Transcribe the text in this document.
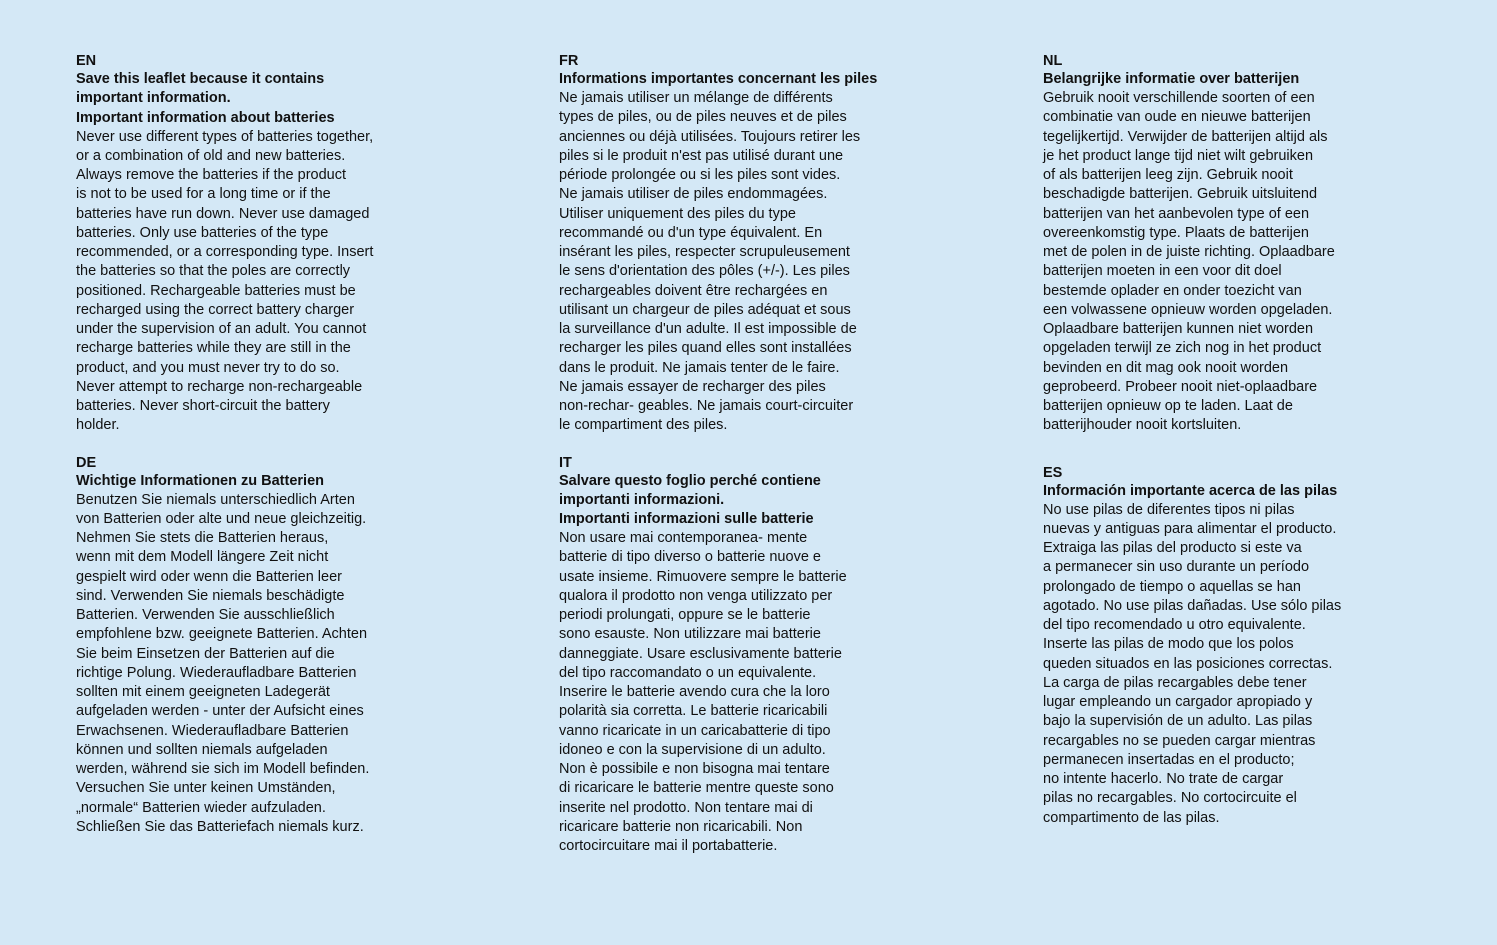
EN
Save this leaflet because it contains
important information.
Important information about batteries
Never use different types of batteries together,
or a combination of old and new batteries.
Always remove the batteries if the product
is not to be used for a long time or if the
batteries have run down. Never use damaged
batteries. Only use batteries of the type
recommended, or a corresponding type. Insert
the batteries so that the poles are correctly
positioned. Rechargeable batteries must be
recharged using the correct battery charger
under the supervision of an adult. You cannot
recharge batteries while they are still in the
product, and you must never try to do so.
Never attempt to recharge non-rechargeable
batteries. Never short-circuit the battery
holder.
DE
Wichtige Informationen zu Batterien
Benutzen Sie niemals unterschiedlich Arten
von Batterien oder alte und neue gleichzeitig.
Nehmen Sie stets die Batterien heraus,
wenn mit dem Modell längere Zeit nicht
gespielt wird oder wenn die Batterien leer
sind. Verwenden Sie niemals beschädigte
Batterien. Verwenden Sie ausschließlich
empfohlene bzw. geeignete Batterien. Achten
Sie beim Einsetzen der Batterien auf die
richtige Polung. Wiederaufladbare Batterien
sollten mit einem geeigneten Ladegerät
aufgeladen werden - unter der Aufsicht eines
Erwachsenen. Wiederaufladbare Batterien
können und sollten niemals aufgeladen
werden, während sie sich im Modell befinden.
Versuchen Sie unter keinen Umständen,
„normale“ Batterien wieder aufzuladen.
Schließen Sie das Batteriefach niemals kurz.
FR
Informations importantes concernant les piles
Ne jamais utiliser un mélange de différents
types de piles, ou de piles neuves et de piles
anciennes ou déjà utilisées. Toujours retirer les
piles si le produit n'est pas utilisé durant une
période prolongée ou si les piles sont vides.
Ne jamais utiliser de piles endommagées.
Utiliser uniquement des piles du type
recommandé ou d'un type équivalent. En
insérant les piles, respecter scrupuleusement
le sens d'orientation des pôles (+/-). Les piles
rechargeables doivent être rechargées en
utilisant un chargeur de piles adéquat et sous
la surveillance d'un adulte. Il est impossible de
recharger les piles quand elles sont installées
dans le produit. Ne jamais tenter de le faire.
Ne jamais essayer de recharger des piles
non-rechar- geables. Ne jamais court-circuiter
le compartiment des piles.
IT
Salvare questo foglio perché contiene
importanti informazioni.
Importanti informazioni sulle batterie
Non usare mai contemporanea- mente
batterie di tipo diverso o batterie nuove e
usate insieme. Rimuovere sempre le batterie
qualora il prodotto non venga utilizzato per
periodi prolungati, oppure se le batterie
sono esauste. Non utilizzare mai batterie
danneggiate. Usare esclusivamente batterie
del tipo raccomandato o un equivalente.
Inserire le batterie avendo cura che la loro
polarità sia corretta. Le batterie ricaricabili
vanno ricaricate in un caricabatterie di tipo
idoneo e con la supervisione di un adulto.
Non è possibile e non bisogna mai tentare
di ricaricare le batterie mentre queste sono
inserite nel prodotto. Non tentare mai di
ricaricare batterie non ricaricabili. Non
cortocircuitare mai il portabatterie.
NL
Belangrijke informatie over batterijen
Gebruik nooit verschillende soorten of een
combinatie van oude en nieuwe batterijen
tegelijkertijd. Verwijder de batterijen altijd als
je het product lange tijd niet wilt gebruiken
of als batterijen leeg zijn. Gebruik nooit
beschadigde batterijen. Gebruik uitsluitend
batterijen van het aanbevolen type of een
overeenkomstig type. Plaats de batterijen
met de polen in de juiste richting. Oplaadbare
batterijen moeten in een voor dit doel
bestemde oplader en onder toezicht van
een volwassene opnieuw worden opgeladen.
Oplaadbare batterijen kunnen niet worden
opgeladen terwijl ze zich nog in het product
bevinden en dit mag ook nooit worden
geprobeerd. Probeer nooit niet-oplaadbare
batterijen opnieuw op te laden. Laat de
batterijhouder nooit kortsluiten.
ES
Información importante acerca de las pilas
No use pilas de diferentes tipos ni pilas
nuevas y antiguas para alimentar el producto.
Extraiga las pilas del producto si este va
a permanecer sin uso durante un período
prolongado de tiempo o aquellas se han
agotado. No use pilas dañadas. Use sólo pilas
del tipo recomendado u otro equivalente.
Inserte las pilas de modo que los polos
queden situados en las posiciones correctas.
La carga de pilas recargables debe tener
lugar empleando un cargador apropiado y
bajo la supervisión de un adulto. Las pilas
recargables no se pueden cargar mientras
permanecen insertadas en el producto;
no intente hacerlo. No trate de cargar
pilas no recargables. No cortocircuite el
compartimento de las pilas.
